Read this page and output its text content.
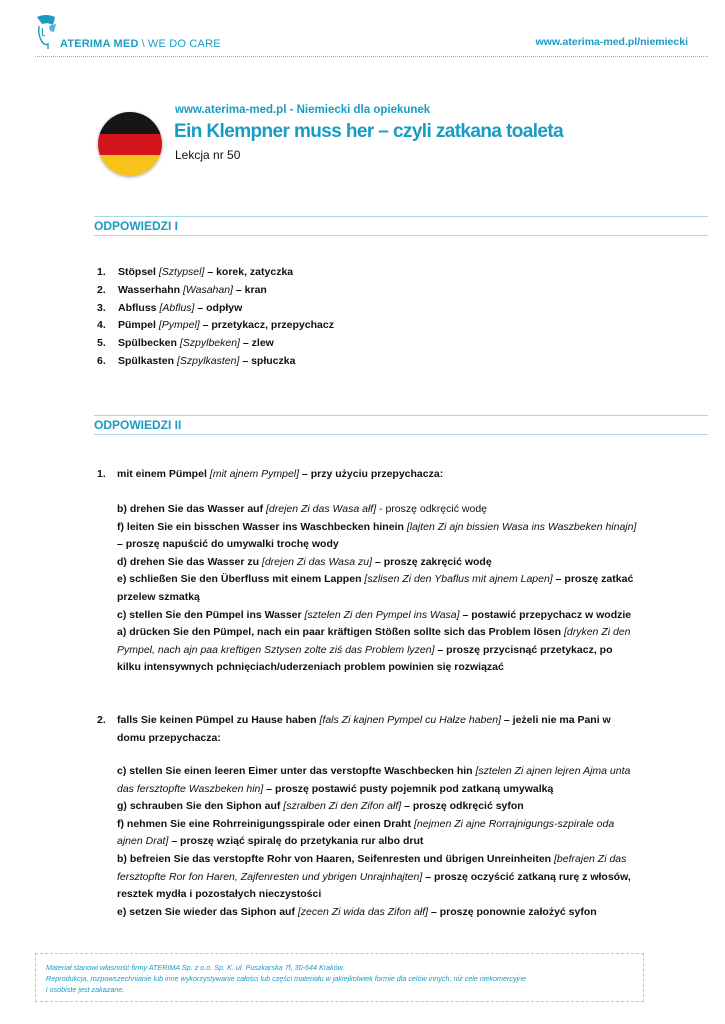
ATERIMA MED \ WE DO CARE	www.aterima-med.pl/niemiecki
www.aterima-med.pl - Niemiecki dla opiekunek
Ein Klempner muss her – czyli zatkana toaleta
Lekcja nr 50
ODPOWIEDZI I
1. Stöpsel [Sztypsel] – korek, zatyczka
2. Wasserhahn [Wasahan] – kran
3. Abfluss [Abflus] – odpływ
4. Pümpel [Pympel] – przetykacz, przepychacz
5. Spülbecken [Szpylbeken] – zlew
6. Spülkasten [Szpylkasten] – spłuczka
ODPOWIEDZI II
1. mit einem Pümpel [mit ajnem Pympel] – przy użyciu przepychacza:

b) drehen Sie das Wasser auf [drejen Zi das Wasa ałf] - proszę odkręcić wodę

f) leiten Sie ein bisschen Wasser ins Waschbecken hinein [lajten Zi ajn bissien Wasa ins Waszbeken hinajn] – proszę napuścić do umywalki trochę wody

d) drehen Sie das Wasser zu [drejen Zi das Wasa zu] – proszę zakręcić wodę

e) schließen Sie den Überfluss mit einem Lappen [szlisen Zi den Ybaflus mit ajnem Lapen] – proszę zatkać przelew szmatką

c) stellen Sie den Pümpel ins Wasser [sztelen Zi den Pympel ins Wasa] – postawić przepychacz w wodzie

a) drücken Sie den Pümpel, nach ein paar kräftigen Stößen sollte sich das Problem lösen [dryken Zi den Pympel, nach ajn paa kreftigen Sztysen zolte ziś das Problem lyzen] – proszę przycisnąć przetykacz, po kilku intensywnych pchnięciach/uderzeniach problem powinien się rozwiązać

2. falls Sie keinen Pümpel zu Hause haben [fals Zi kajnen Pympel cu Hałze haben] – jeżeli nie ma Pani w domu przepychacza:

c) stellen Sie einen leeren Eimer unter das verstopfte Waschbecken hin [sztelen Zi ajnen lejren Ajma unta das fersztopfte Waszbeken hin] – proszę postawić pusty pojemnik pod zatkaną umywalką

g) schrauben Sie den Siphon auf [szrałben Zi den Zifon ałf] – proszę odkręcić syfon

f) nehmen Sie eine Rohrreinigungsspirale oder einen Draht [nejmen Zi ajne Rorrajnigungs-szpirale oda ajnen Drat] – proszę wziąć spiralę do przetykania rur albo drut

b) befreien Sie das verstopfte Rohr von Haaren, Seifenresten und übrigen Unreinheiten [befrajen Zi das fersztopfte Ror fon Haren, Zajfenresten und ybrigen Unrajnhajten] – proszę oczyścić zatkaną rurę z włosów, resztek mydła i pozostałych nieczystości

e) setzen Sie wieder das Siphon auf [zecen Zi wida das Zifon ałf] – proszę ponownie założyć syfon

Materiał stanowi własność firmy ATERIMA Sp. z o.o. Sp. K. ul. Puszkarska 7f, 30-644 Kraków.

Reprodukcja, rozpowszechnianie lub inne wykorzystywanie całości lub części materiału w jakiejkolwiek formie dla celów innych, niż cele niekomercyjne

i osobiste jest zakazane.
